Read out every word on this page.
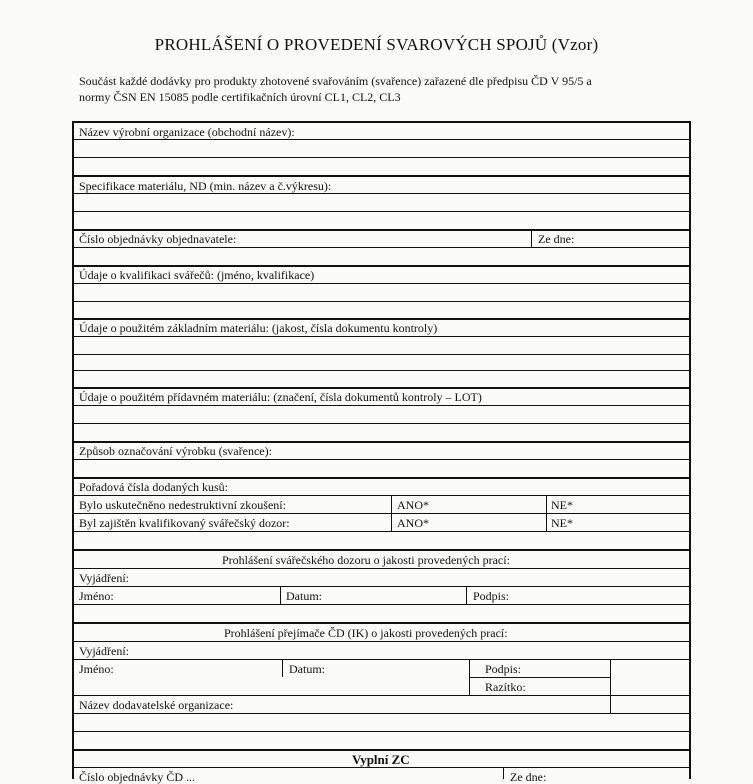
PROHLÁŠENÍ O PROVEDENÍ SVAROVÝCH SPOJŮ (Vzor)
Součást každé dodávky pro produkty zhotovené svařováním (svařence) zařazené dle předpisu ČD V 95/5 a
normy ČSN EN 15085 podle certifikačních úrovní CL1, CL2, CL3
Název výrobní organizace (obchodní název):
Specifikace materiálu, ND (min. název a č.výkresu):
Číslo objednávky objednavatele:	Ze dne:
Údaje o kvalifikaci svářečů: (jméno, kvalifikace)
Údaje o použitém základním materiálu: (jakost, čísla dokumentu kontroly)
Údaje o použitém přídavném materiálu: (značení, čísla dokumentů kontroly – LOT)
Způsob označování výrobku (svařence):
Pořadová čísla dodaných kusů:
Bylo uskutečněno nedestruktivní zkoušení:	ANO*	NE*
Byl zajištěn kvalifikovaný svářečský dozor:	ANO*	NE*
Prohlášení svářečského dozoru o jakosti provedených prací:
Vyjádření:
Jméno:	Datum:	Podpis:
Prohlášení přejímače ČD (IK) o jakosti provedených prací:
Vyjádření:
Jméno:	Datum:	Podpis:
Razítko:
Název dodavatelské organizace:
Vyplní ZC
Číslo objednávky ČD ...	Ze dne:
